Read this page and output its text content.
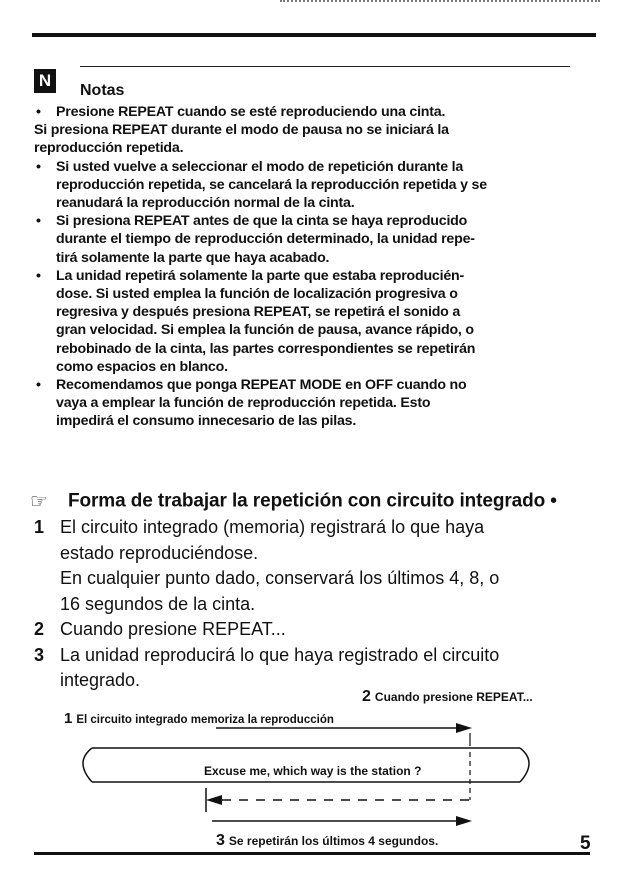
N
Notas

• Presione REPEAT cuando se esté reproduciendo una cinta.

Si presiona REPEAT durante el modo de pausa no se iniciará la

reproducción repetida.

• Si usted vuelve a seleccionar el modo de repetición durante la

reproducción repetida, se cancelará la reproducción repetida y se

reanudará la reproducción normal de la cinta.

• Si presiona REPEAT antes de que la cinta se haya reproducido

durante el tiempo de reproducción determinado, la unidad repe-

tirá solamente la parte que haya acabado.

• La unidad repetirá solamente la parte que estaba reproducién-

dose. Si usted emplea la función de localización progresiva o

regresiva y después presiona REPEAT, se repetirá el sonido a

gran velocidad. Si emplea la función de pausa, avance rápido, o

rebobinado de la cinta, las partes correspondientes se repetirán

como espacios en blanco.

• Recomendamos que ponga REPEAT MODE en OFF cuando no

vaya a emplear la función de reproducción repetida. Esto

impedirá el consumo innecesario de las pilas.

☞ Forma de trabajar la repetición con circuito integrado •
1 El circuito integrado (memoria) registrará lo que haya

estado reproduciéndose.

En cualquier punto dado, conservará los últimos 4, 8, o

16 segundos de la cinta.

2 Cuando presione REPEAT...

3 La unidad reproducirá lo que haya registrado el circuito

integrado.

2 Cuando presione REPEAT...
1 El circuito integrado memoriza la reproducción
Excuse me, which way is the station ?
3 Se repetirán los últimos 4 segundos.	5
